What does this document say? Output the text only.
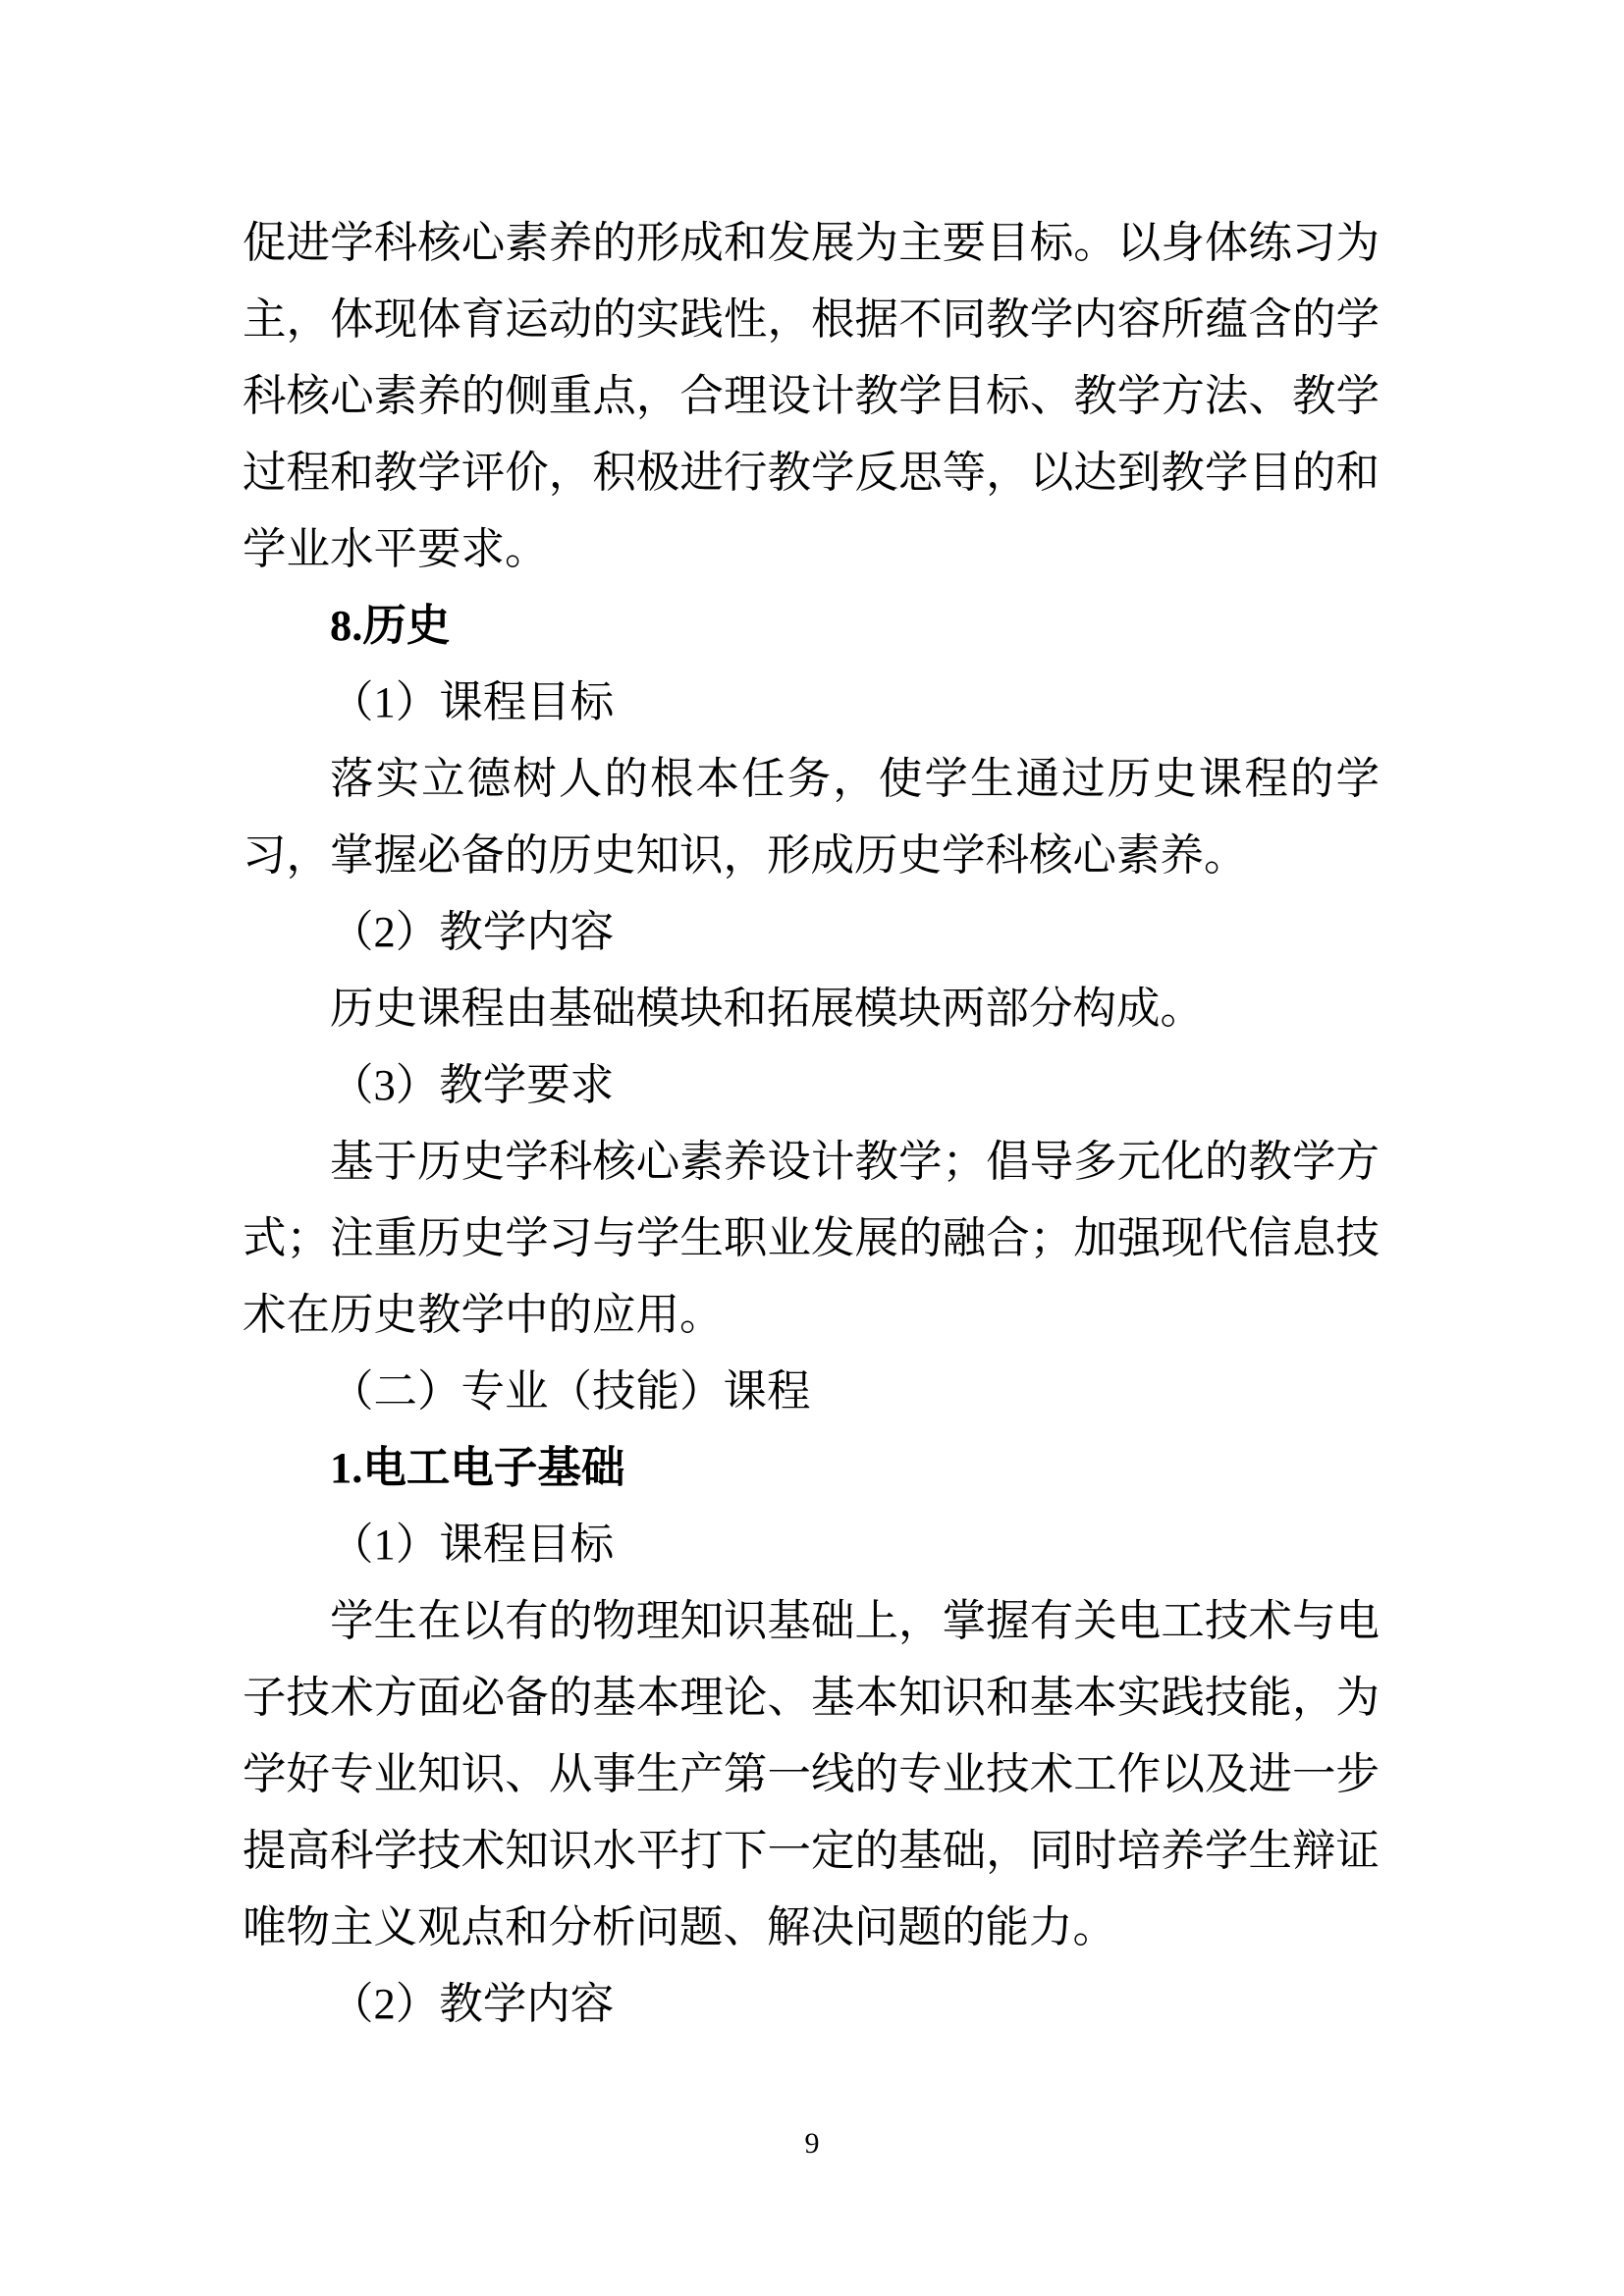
促进学科核心素养的形成和发展为主要目标。以身体练习为
主，体现体育运动的实践性，根据不同教学内容所蕴含的学
科核心素养的侧重点，合理设计教学目标、教学方法、教学
过程和教学评价，积极进行教学反思等，以达到教学目的和
学业水平要求。
8.历史
（1）课程目标
落实立德树人的根本任务，使学生通过历史课程的学
习，掌握必备的历史知识，形成历史学科核心素养。
（2）教学内容
历史课程由基础模块和拓展模块两部分构成。
（3）教学要求
基于历史学科核心素养设计教学；倡导多元化的教学方
式；注重历史学习与学生职业发展的融合；加强现代信息技
术在历史教学中的应用。
（二）专业（技能）课程
1.电工电子基础
（1）课程目标
学生在以有的物理知识基础上，掌握有关电工技术与电
子技术方面必备的基本理论、基本知识和基本实践技能，为
学好专业知识、从事生产第一线的专业技术工作以及进一步
提高科学技术知识水平打下一定的基础，同时培养学生辩证
唯物主义观点和分析问题、解决问题的能力。
（2）教学内容
9
